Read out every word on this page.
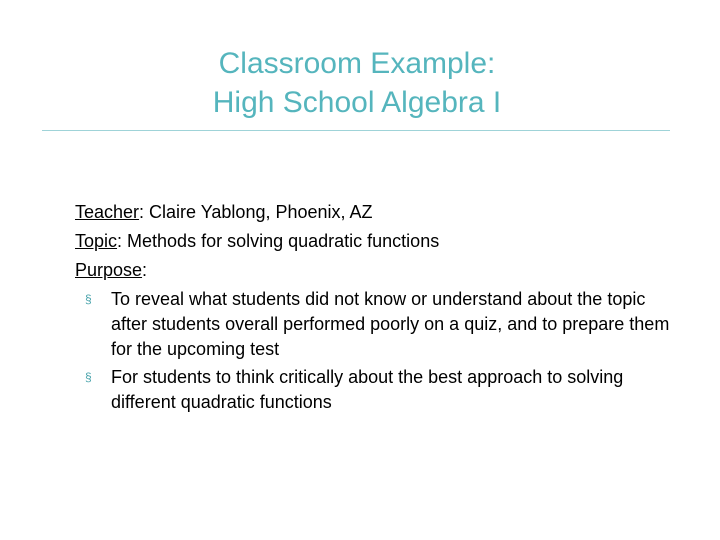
Classroom Example:
High School Algebra I
Teacher: Claire Yablong, Phoenix, AZ
Topic: Methods for solving quadratic functions
Purpose:
§ To reveal what students did not know or understand about the topic after students overall performed poorly on a quiz, and to prepare them for the upcoming test
§ For students to think critically about the best approach to solving different quadratic functions
